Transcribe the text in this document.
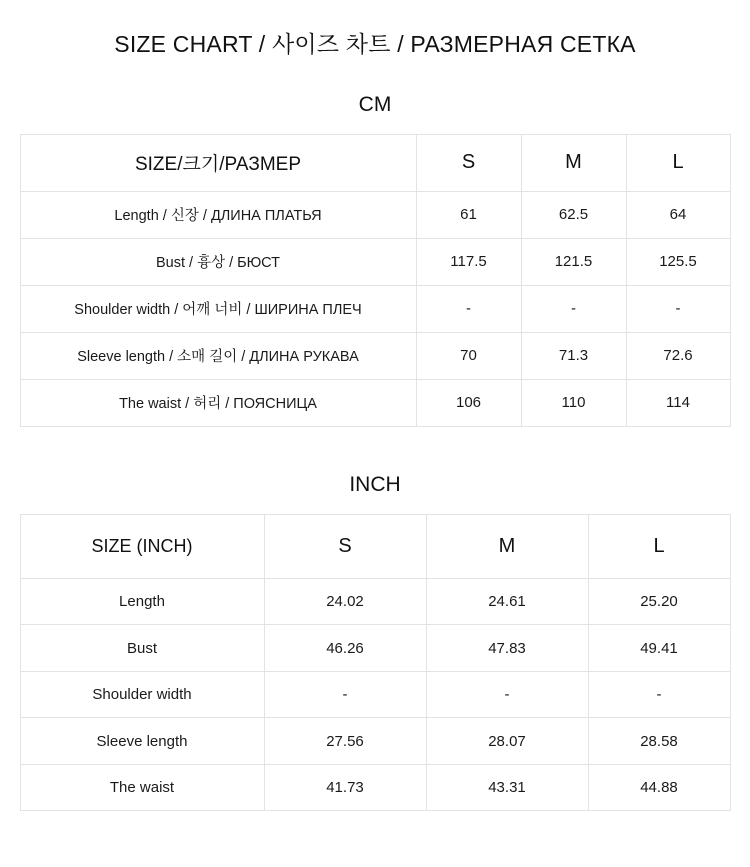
SIZE CHART / 사이즈 차트 / РАЗМЕРНАЯ СЕТКА
CM
SIZE/크기/РАЗМЕР	S	M	L
Length / 신장 / ДЛИНА ПЛАТЬЯ	61	62.5	64
Bust / 흉상 / БЮСТ	117.5	121.5	125.5
Shoulder width / 어깨 너비 / ШИРИНА ПЛЕЧ	-	-	-
Sleeve length / 소매 길이 / ДЛИНА РУКАВА	70	71.3	72.6
The waist / 허리 / ПОЯСНИЦА	106	110	114
INCH
SIZE (INCH)	S	M	L
Length	24.02	24.61	25.20
Bust	46.26	47.83	49.41
Shoulder width	-	-	-
Sleeve length	27.56	28.07	28.58
The waist	41.73	43.31	44.88
